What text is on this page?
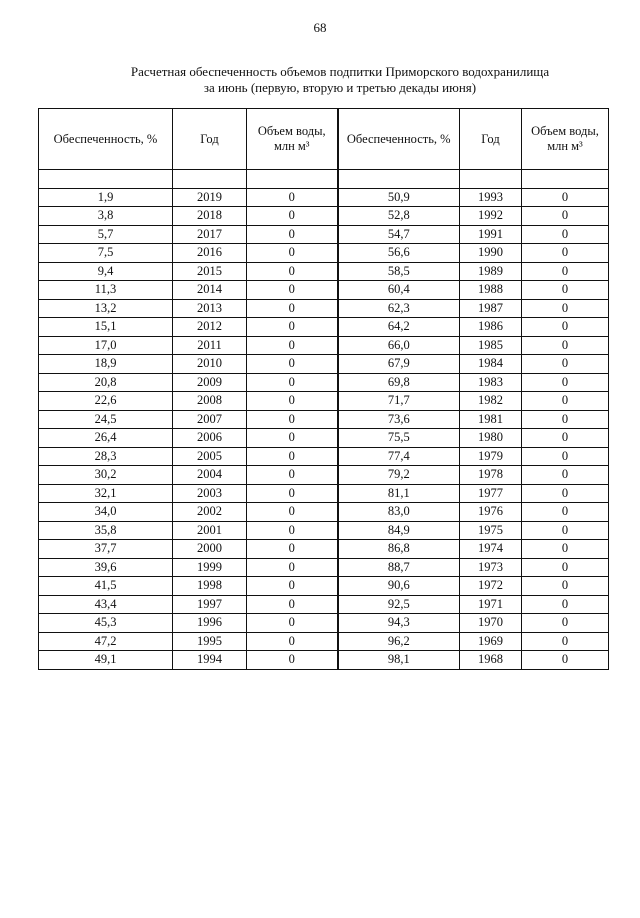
68
Расчетная обеспеченность объемов подпитки Приморского водохранилища
за июнь (первую, вторую и третью декады июня)
Обеспеченность, %	Год	Объем воды, млн м³	Обеспеченность, %	Год	Объем воды, млн м³

1,9	2019	0	50,9	1993	0
3,8	2018	0	52,8	1992	0
5,7	2017	0	54,7	1991	0
7,5	2016	0	56,6	1990	0
9,4	2015	0	58,5	1989	0
11,3	2014	0	60,4	1988	0
13,2	2013	0	62,3	1987	0
15,1	2012	0	64,2	1986	0
17,0	2011	0	66,0	1985	0
18,9	2010	0	67,9	1984	0
20,8	2009	0	69,8	1983	0
22,6	2008	0	71,7	1982	0
24,5	2007	0	73,6	1981	0
26,4	2006	0	75,5	1980	0
28,3	2005	0	77,4	1979	0
30,2	2004	0	79,2	1978	0
32,1	2003	0	81,1	1977	0
34,0	2002	0	83,0	1976	0
35,8	2001	0	84,9	1975	0
37,7	2000	0	86,8	1974	0
39,6	1999	0	88,7	1973	0
41,5	1998	0	90,6	1972	0
43,4	1997	0	92,5	1971	0
45,3	1996	0	94,3	1970	0
47,2	1995	0	96,2	1969	0
49,1	1994	0	98,1	1968	0
